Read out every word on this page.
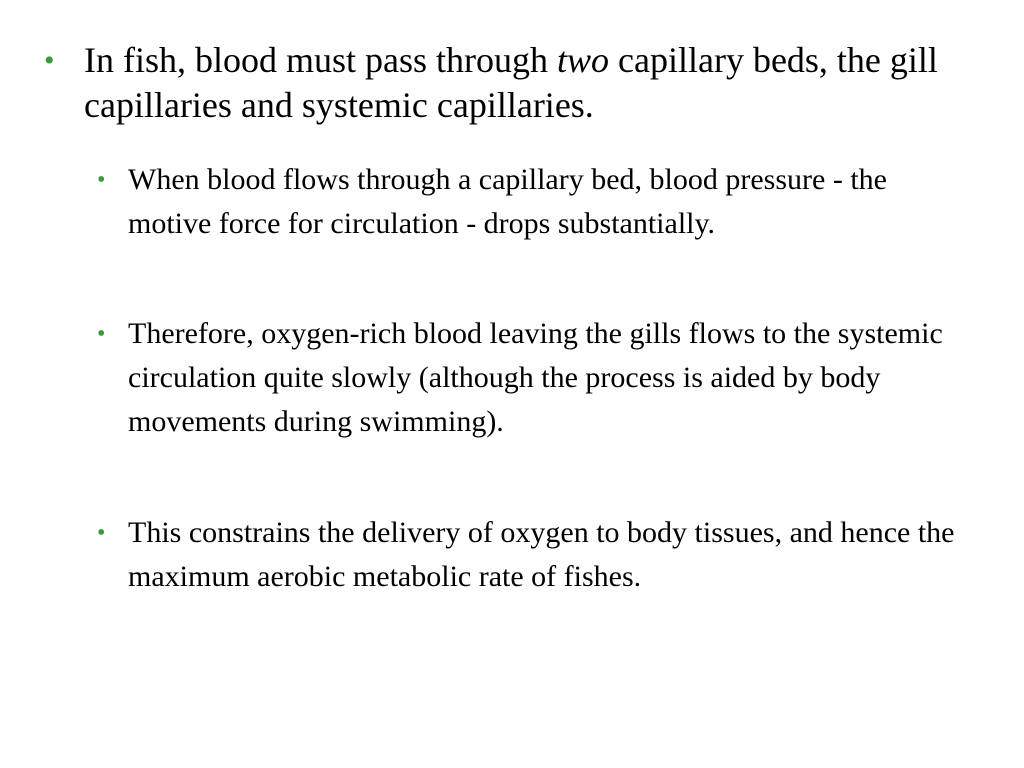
• In fish, blood must pass through two capillary beds, the gill capillaries and systemic capillaries.
• When blood flows through a capillary bed, blood pressure - the motive force for circulation - drops substantially.
• Therefore, oxygen-rich blood leaving the gills flows to the systemic circulation quite slowly (although the process is aided by body movements during swimming).
• This constrains the delivery of oxygen to body tissues, and hence the maximum aerobic metabolic rate of fishes.
